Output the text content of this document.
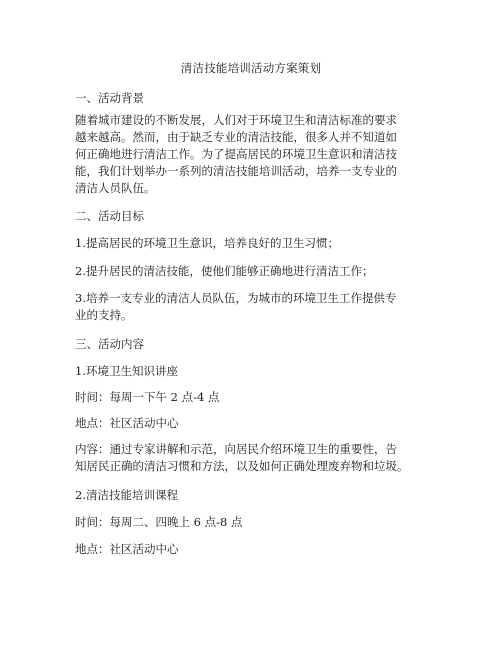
清洁技能培训活动方案策划
一、活动背景
随着城市建设的不断发展，人们对于环境卫生和清洁标准的要求
越来越高。然而，由于缺乏专业的清洁技能，很多人并不知道如
何正确地进行清洁工作。为了提高居民的环境卫生意识和清洁技
能，我们计划举办一系列的清洁技能培训活动，培养一支专业的
清洁人员队伍。
二、活动目标
1.提高居民的环境卫生意识，培养良好的卫生习惯；
2.提升居民的清洁技能，使他们能够正确地进行清洁工作；
3.培养一支专业的清洁人员队伍，为城市的环境卫生工作提供专
业的支持。
三、活动内容
1.环境卫生知识讲座
时间：每周一下午 2 点-4 点
地点：社区活动中心
内容：通过专家讲解和示范，向居民介绍环境卫生的重要性，告
知居民正确的清洁习惯和方法，以及如何正确处理废弃物和垃圾。
2.清洁技能培训课程
时间：每周二、四晚上 6 点-8 点
地点：社区活动中心
